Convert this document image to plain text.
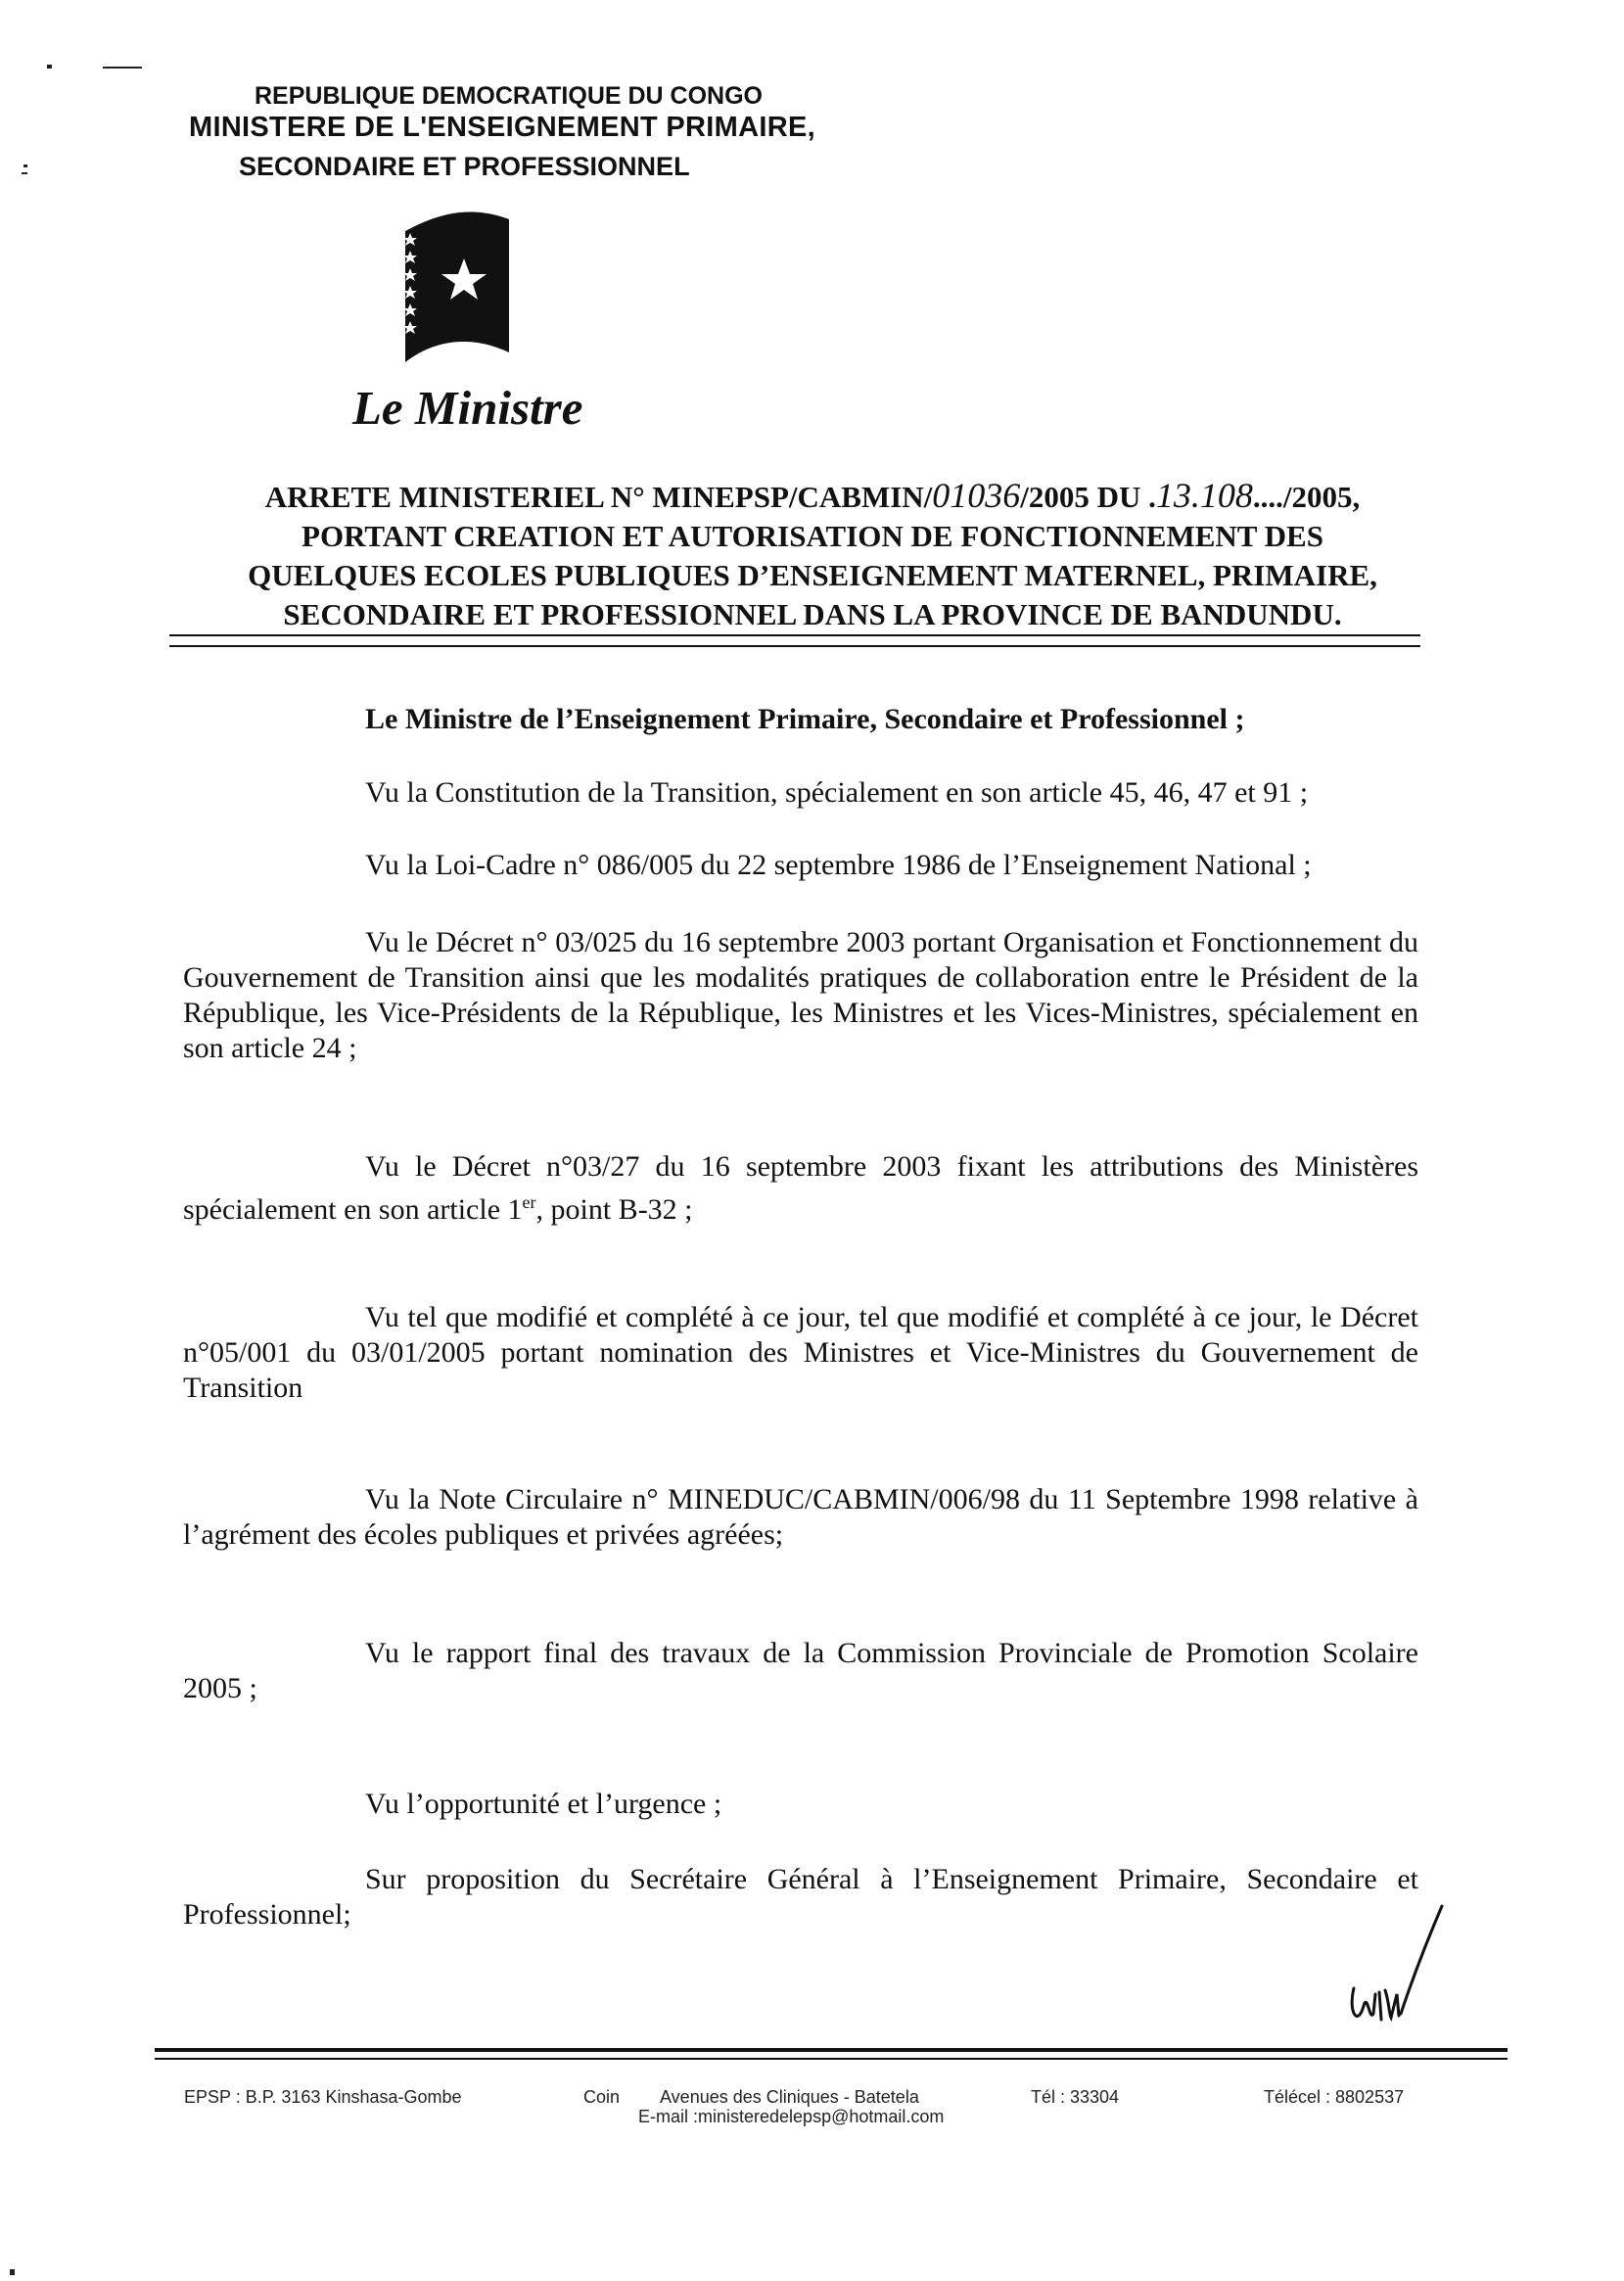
REPUBLIQUE DEMOCRATIQUE DU CONGO
MINISTERE DE L'ENSEIGNEMENT PRIMAIRE,
SECONDAIRE ET PROFESSIONNEL
Le Ministre
ARRETE MINISTERIEL N° MINEPSP/CABMIN/01036/2005 DU .13.108..../2005,
PORTANT CREATION ET AUTORISATION DE FONCTIONNEMENT DES
QUELQUES ECOLES PUBLIQUES D’ENSEIGNEMENT MATERNEL, PRIMAIRE,
SECONDAIRE ET PROFESSIONNEL DANS LA PROVINCE DE BANDUNDU.
Le Ministre de l’Enseignement Primaire, Secondaire et Professionnel ;
Vu la Constitution de la Transition, spécialement en son article 45, 46, 47 et 91 ;
Vu la Loi-Cadre n° 086/005 du 22 septembre 1986 de l’Enseignement National ;
Vu le Décret n° 03/025 du 16 septembre 2003 portant Organisation et Fonctionnement du Gouvernement de Transition ainsi que les modalités pratiques de collaboration entre le Président de la République, les Vice-Présidents de la République, les Ministres et les Vices-Ministres, spécialement en son article 24 ;
Vu le Décret n°03/27 du 16 septembre 2003 fixant les attributions des Ministères spécialement en son article 1er, point B-32 ;
Vu tel que modifié et complété à ce jour, tel que modifié et complété à ce jour, le Décret n°05/001 du 03/01/2005 portant nomination des Ministres et Vice-Ministres du Gouvernement de Transition
Vu la Note Circulaire n° MINEDUC/CABMIN/006/98 du 11 Septembre 1998 relative à l’agrément des écoles publiques et privées agréées;
Vu le rapport final des travaux de la Commission Provinciale de Promotion Scolaire 2005 ;
Vu l’opportunité et l’urgence ;
Sur proposition du Secrétaire Général à l’Enseignement Primaire, Secondaire et Professionnel;
EPSP : B.P. 3163 Kinshasa-Gombe	Coin Avenues des Cliniques - Batetela
E-mail :ministeredelepsp@hotmail.com
Tél : 33304	Télécel : 8802537
